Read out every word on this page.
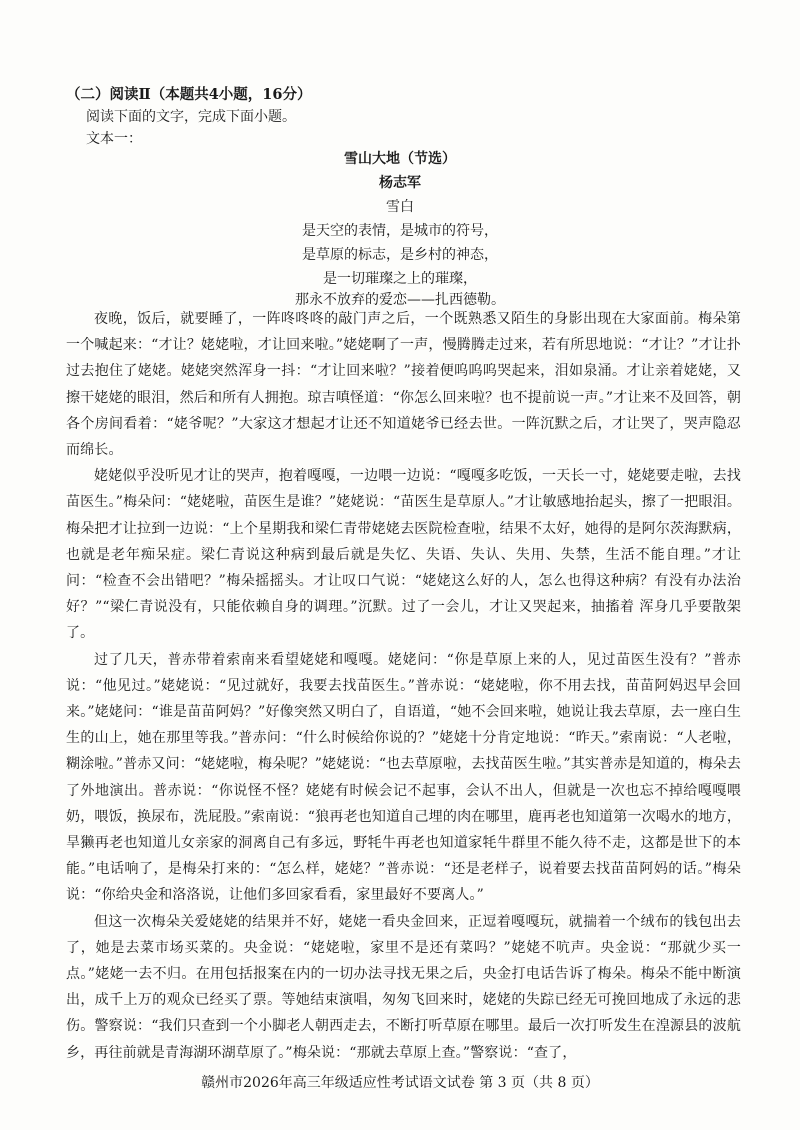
（二）阅读Ⅱ（本题共4小题，16分）
阅读下面的文字，完成下面小题。
文本一：
雪山大地（节选）
杨志军
雪白
是天空的表情，是城市的符号，
是草原的标志，是乡村的神态，
是一切璀璨之上的璀璨，
那永不放弃的爱恋——扎西德勒。

夜晚，饭后，就要睡了，一阵咚咚咚的敲门声之后，一个既熟悉又陌生的身影出现在大家面前。梅朵第一个喊起来：“才让？姥姥啦，才让回来啦。”姥姥啊了一声，慢腾腾走过来，若有所思地说：“才让？”才让扑过去抱住了姥姥。姥姥突然浑身一抖：“才让回来啦？”接着便呜呜呜哭起来，泪如泉涌。才让亲着姥姥，又擦干姥姥的眼泪，然后和所有人拥抱。琼吉嗔怪道：“你怎么回来啦？也不提前说一声。”才让来不及回答，朝各个房间看着：“姥爷呢？”大家这才想起才让还不知道姥爷已经去世。一阵沉默之后，才让哭了，哭声隐忍而绵长。

姥姥似乎没听见才让的哭声，抱着嘎嘎，一边喂一边说：“嘎嘎多吃饭，一天长一寸，姥姥要走啦，去找苗医生。”梅朵问：“姥姥啦，苗医生是谁？”姥姥说：“苗医生是草原人。”才让敏感地抬起头，擦了一把眼泪。梅朵把才让拉到一边说：“上个星期我和梁仁青带姥姥去医院检查啦，结果不太好，她得的是阿尔茨海默病，也就是老年痴呆症。梁仁青说这种病到最后就是失忆、失语、失认、失用、失禁，生活不能自理。”才让问：“检查不会出错吧？”梅朵摇摇头。才让叹口气说：“姥姥这么好的人，怎么也得这种病？有没有办法治好？”“梁仁青说没有，只能依赖自身的调理。”沉默。过了一会儿，才让又哭起来，抽搐着 浑身几乎要散架了。

过了几天，普赤带着索南来看望姥姥和嘎嘎。姥姥问：“你是草原上来的人，见过苗医生没有？”普赤说：“他见过。”姥姥说：“见过就好，我要去找苗医生。”普赤说：“姥姥啦，你不用去找，苗苗阿妈迟早会回来。”姥姥问：“谁是苗苗阿妈？”好像突然又明白了，自语道，“她不会回来啦，她说让我去草原，去一座白生生的山上，她在那里等我。”普赤问：“什么时候给你说的？”姥姥十分肯定地说：“昨天。”索南说：“人老啦，糊涂啦。”普赤又问：“姥姥啦，梅朵呢？”姥姥说：“也去草原啦，去找苗医生啦。”其实普赤是知道的，梅朵去了外地演出。普赤说：“你说怪不怪？姥姥有时候会记不起事，会认不出人，但就是一次也忘不掉给嘎嘎喂奶，喂饭，换尿布，洗屁股。”索南说：“狼再老也知道自己埋的肉在哪里，鹿再老也知道第一次喝水的地方，旱獭再老也知道儿女亲家的洞离自己有多远，野牦牛再老也知道家牦牛群里不能久待不走，这都是世下的本能。”电话响了，是梅朵打来的：“怎么样，姥姥？”普赤说：“还是老样子，说着要去找苗苗阿妈的话。”梅朵说：“你给央金和洛洛说，让他们多回家看看，家里最好不要离人。”

但这一次梅朵关爱姥姥的结果并不好，姥姥一看央金回来，正逗着嘎嘎玩，就揣着一个绒布的钱包出去了，她是去菜市场买菜的。央金说：“姥姥啦，家里不是还有菜吗？”姥姥不吭声。央金说：“那就少买一点。”姥姥一去不归。在用包括报案在内的一切办法寻找无果之后，央金打电话告诉了梅朵。梅朵不能中断演出，成千上万的观众已经买了票。等她结束演唱，匆匆飞回来时，姥姥的失踪已经无可挽回地成了永远的悲伤。警察说：“我们只查到一个小脚老人朝西走去，不断打听草原在哪里。最后一次打听发生在湟源县的波航乡，再往前就是青海湖环湖草原了。”梅朵说：“那就去草原上查。”警察说：“查了，

赣州市2026年高三年级适应性考试语文试卷 第 3 页（共 8 页）
